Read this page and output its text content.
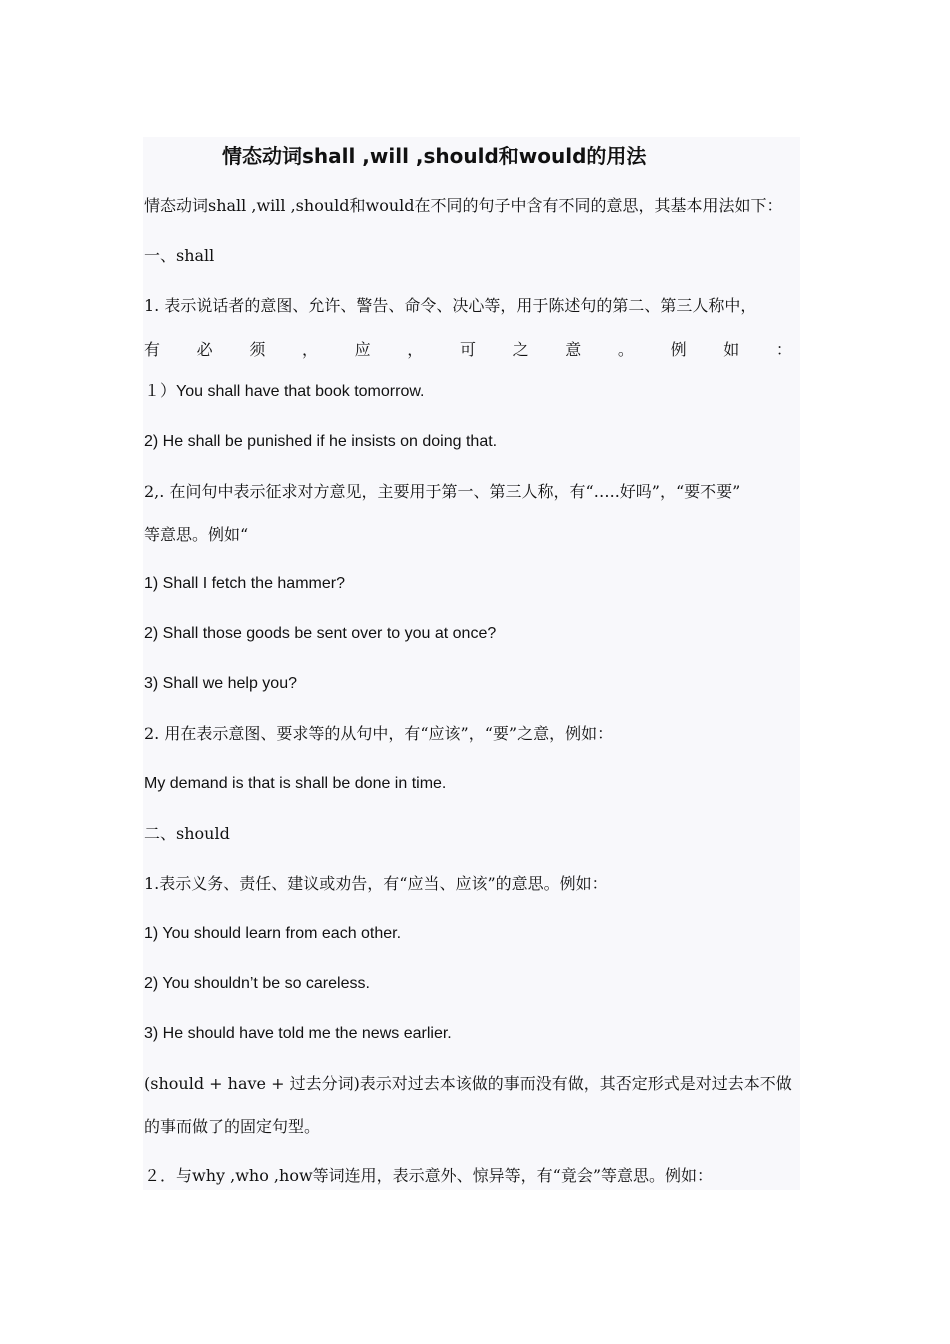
情态动词shall ,will ,should和would的用法
情态动词shall ,will ,should和would在不同的句子中含有不同的意思，其基本用法如下：
一、shall
1. 表示说话者的意图、允许、警告、命令、决心等，用于陈述句的第二、第三人称中，
有 必 须 ， 应 ， 可 之 意 。 例 如 ：
１）You shall have that book tomorrow.
2) He shall be punished if he insists on doing that.
2,. 在问句中表示征求对方意见，主要用于第一、第三人称，有“…..好吗”，“要不要”
等意思。例如“
1) Shall I fetch the hammer?
2) Shall those goods be sent over to you at once?
3) Shall we help you?
2. 用在表示意图、要求等的从句中，有“应该”，“要”之意，例如：
My demand is that is shall be done in time.
二、should
1.表示义务、责任、建议或劝告，有“应当、应该”的意思。例如：
1) You should learn from each other.
2) You shouldn’t be so careless.
3) He should have told me the news earlier.
(should + have + 过去分词)表示对过去本该做的事而没有做，其否定形式是对过去本不做
的事而做了的固定句型。
２．与why ,who ,how等词连用，表示意外、惊异等，有“竟会”等意思。例如：
